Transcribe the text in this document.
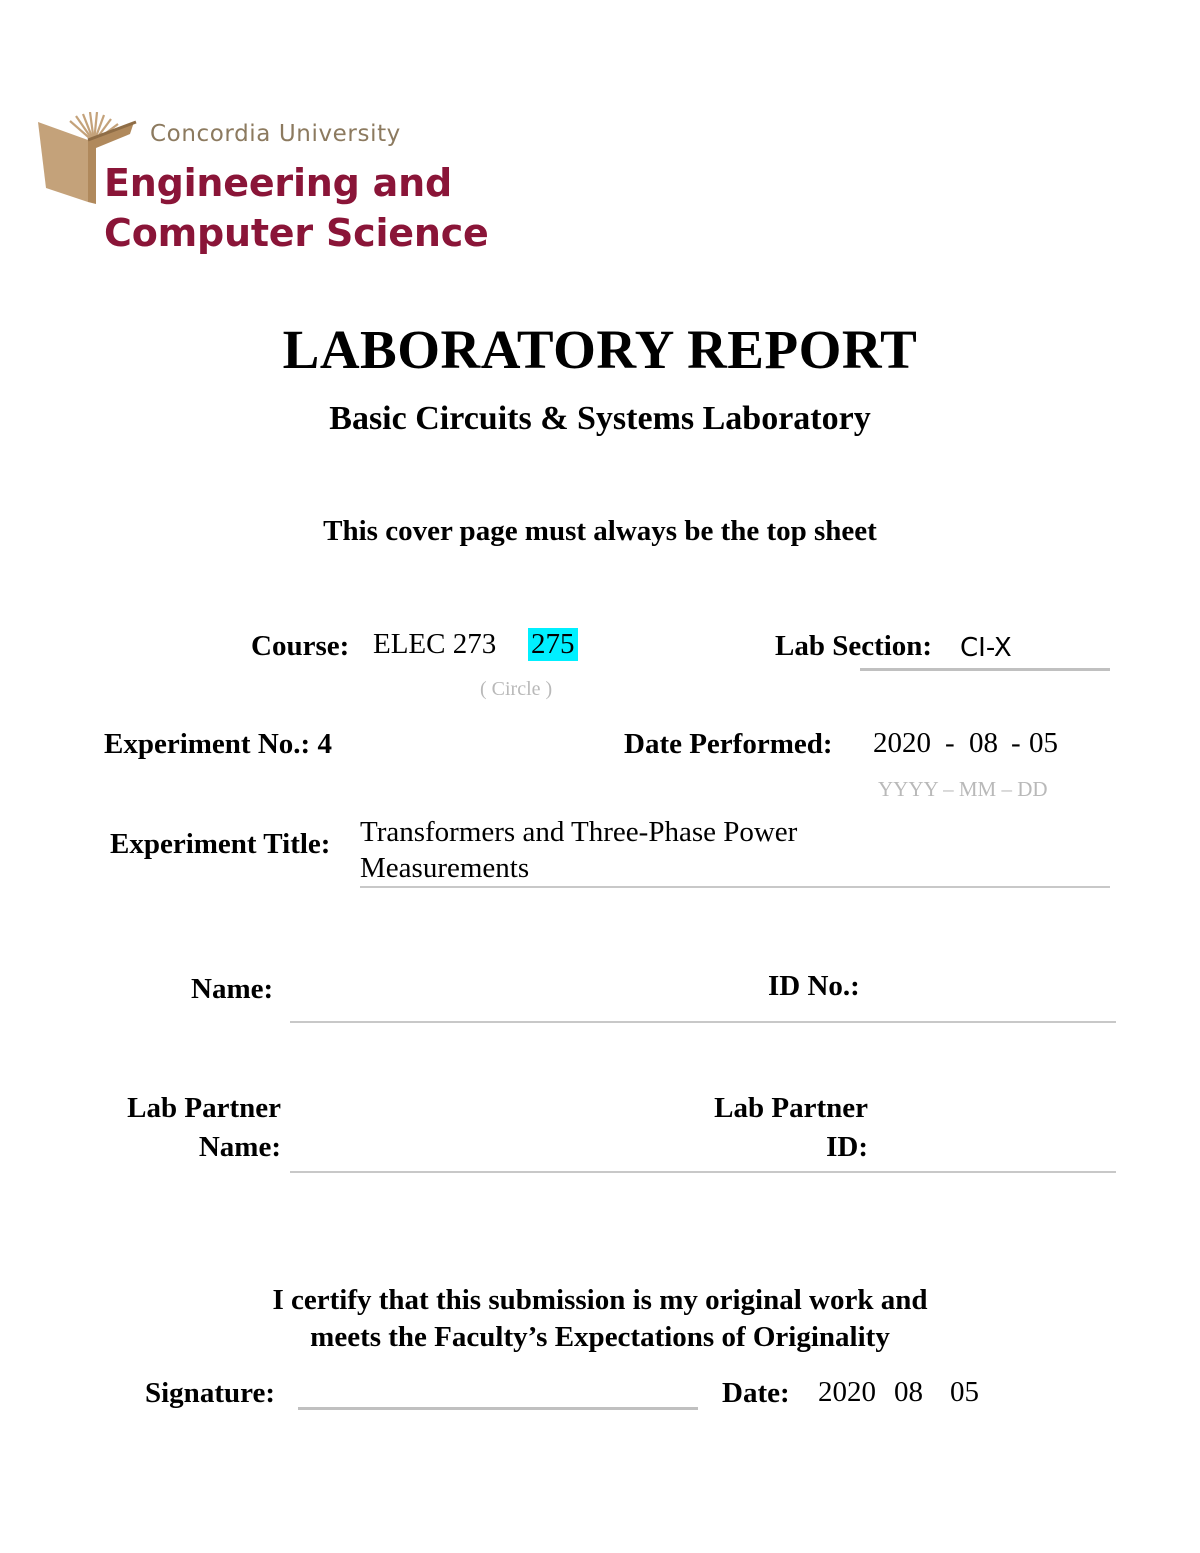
Concordia University
Engineering and
Computer Science
LABORATORY REPORT
Basic Circuits & Systems Laboratory
This cover page must always be the top sheet
Course: ELEC 273 275
( Circle )
Lab Section: CI-X
Experiment No.: 4	Date Performed: 2020 - 08 - 05
YYYY – MM – DD
Experiment Title: Transformers and Three-Phase Power
Measurements
Name:	ID No.:
Lab Partner
Name:
Lab Partner
ID:
I certify that this submission is my original work and
meets the Faculty’s Expectations of Originality
Signature:	Date: 2020 08 05
